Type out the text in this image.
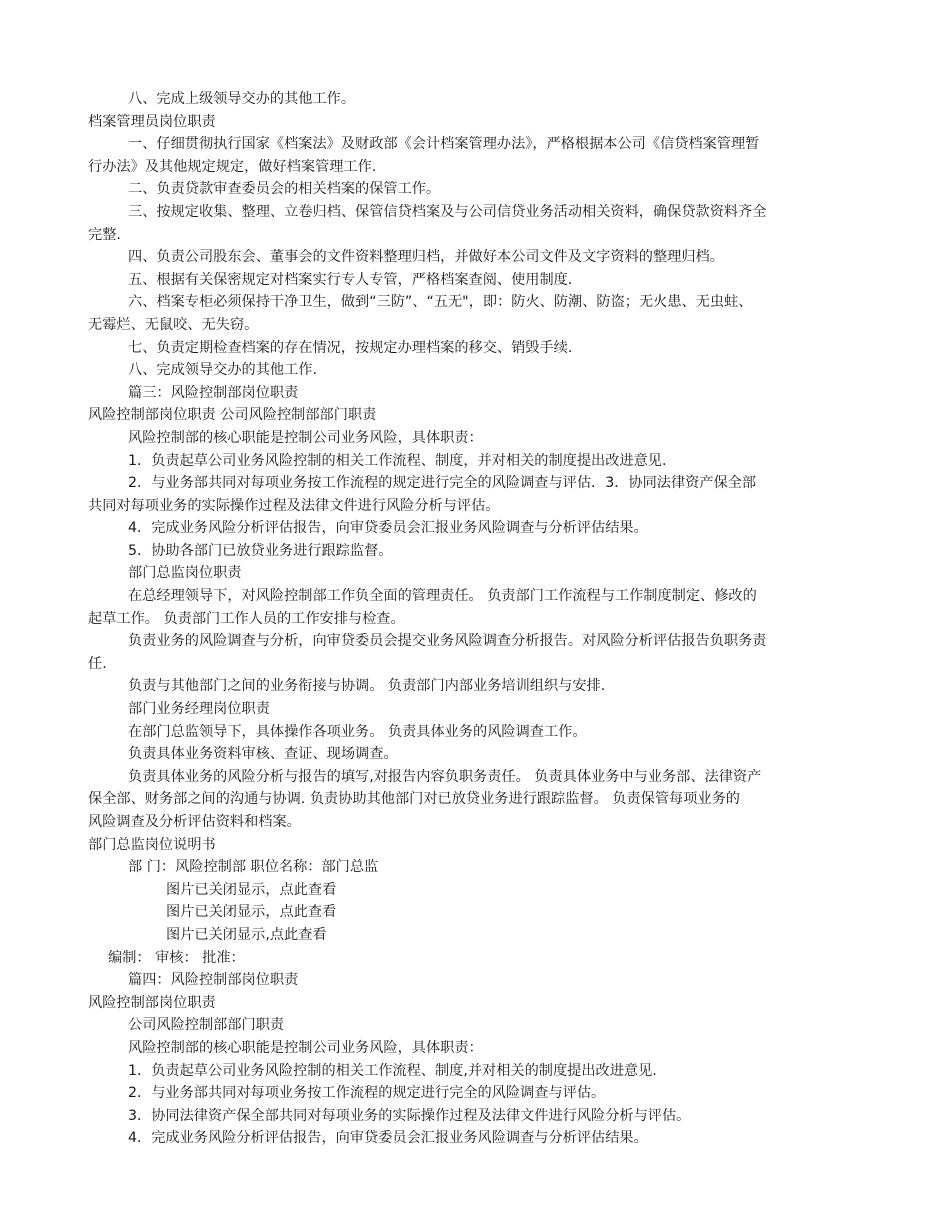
八、完成上级领导交办的其他工作。
档案管理员岗位职责
一、仔细贯彻执行国家《档案法》及财政部《会计档案管理办法》，严格根据本公司《信贷档案管理暂
行办法》及其他规定规定，做好档案管理工作.
二、负责贷款审查委员会的相关档案的保管工作。
三、按规定收集、整理、立卷归档、保管信贷档案及与公司信贷业务活动相关资料，确保贷款资料齐全
完整.
四、负责公司股东会、董事会的文件资料整理归档，并做好本公司文件及文字资料的整理归档。
五、根据有关保密规定对档案实行专人专管，严格档案查阅、使用制度.
六、档案专柜必须保持干净卫生，做到“三防”、“五无"，即：防火、防潮、防盗；无火患、无虫蛀、
无霉烂、无鼠咬、无失窃。
七、负责定期检查档案的存在情况，按规定办理档案的移交、销毁手续.
八、完成领导交办的其他工作.
篇三：风险控制部岗位职责
风险控制部岗位职责 公司风险控制部部门职责
风险控制部的核心职能是控制公司业务风险，具体职责：
1．负责起草公司业务风险控制的相关工作流程、制度，并对相关的制度提出改进意见.
2．与业务部共同对每项业务按工作流程的规定进行完全的风险调查与评估．3．协同法律资产保全部
共同对每项业务的实际操作过程及法律文件进行风险分析与评估。
4．完成业务风险分析评估报告，向审贷委员会汇报业务风险调查与分析评估结果。
5．协助各部门已放贷业务进行跟踪监督。
部门总监岗位职责
在总经理领导下，对风险控制部工作负全面的管理责任。 负责部门工作流程与工作制度制定、修改的
起草工作。 负责部门工作人员的工作安排与检查。
负责业务的风险调查与分析，向审贷委员会提交业务风险调查分析报告。对风险分析评估报告负职务责
任.
负责与其他部门之间的业务衔接与协调。 负责部门内部业务培训组织与安排.
部门业务经理岗位职责
在部门总监领导下，具体操作各项业务。 负责具体业务的风险调查工作。
负责具体业务资料审核、查证、现场调查。
负责具体业务的风险分析与报告的填写,对报告内容负职务责任。 负责具体业务中与业务部、法律资产
保全部、财务部之间的沟通与协调. 负责协助其他部门对已放贷业务进行跟踪监督。 负责保管每项业务的
风险调查及分析评估资料和档案。
部门总监岗位说明书
部 门：风险控制部 职位名称：部门总监
图片已关闭显示，点此查看
图片已关闭显示，点此查看
图片已关闭显示,点此查看
编制： 审核： 批准：
篇四：风险控制部岗位职责
风险控制部岗位职责
公司风险控制部部门职责
风险控制部的核心职能是控制公司业务风险，具体职责：
1．负责起草公司业务风险控制的相关工作流程、制度,并对相关的制度提出改进意见.
2．与业务部共同对每项业务按工作流程的规定进行完全的风险调查与评估。
3．协同法律资产保全部共同对每项业务的实际操作过程及法律文件进行风险分析与评估。
4．完成业务风险分析评估报告，向审贷委员会汇报业务风险调查与分析评估结果。
